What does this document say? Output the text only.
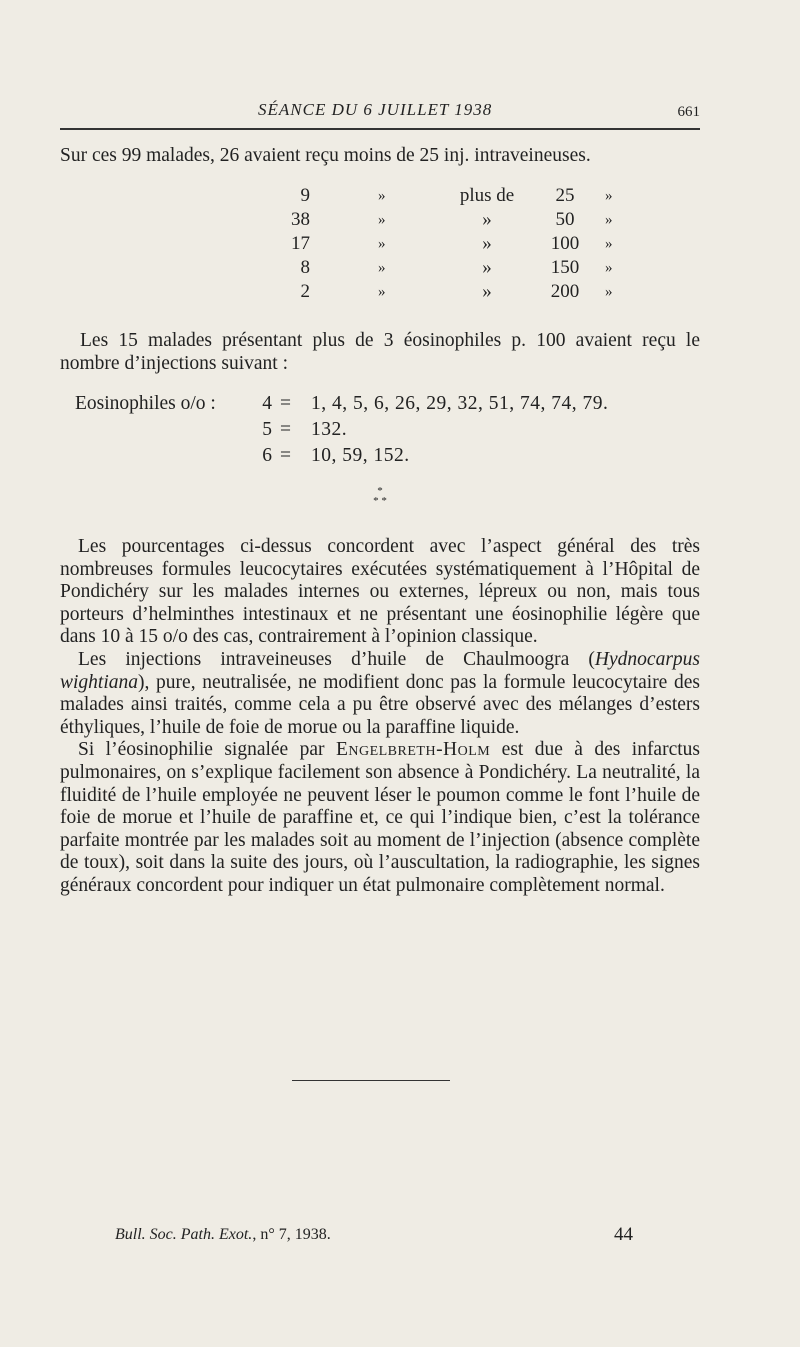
SÉANCE DU 6 JUILLET 1938	661
Sur ces 99 malades, 26 avaient reçu moins de 25 inj. intraveineuses.
9	»	plus de	25	»
38	»	»	50	»
17	»	»	100	»
8	»	»	150	»
2	»	»	200	»
Les 15 malades présentant plus de 3 éosinophiles p. 100 avaient reçu le nombre d’injections suivant :
Eosinophiles o/o : 4 = 1, 4, 5, 6, 26, 29, 32, 51, 74, 74, 79.
5 = 132.
6 = 10, 59, 152.
*
* *

Les pourcentages ci-dessus concordent avec l’aspect général des très nombreuses formules leucocytaires exécutées systématiquement à l’Hôpital de Pondichéry sur les malades internes ou externes, lépreux ou non, mais tous porteurs d’helminthes intestinaux et ne présentant une éosinophilie légère que dans 10 à 15 o/o des cas, contrairement à l’opinion classique.

Les injections intraveineuses d’huile de Chaulmoogra (Hydnocarpus wightiana), pure, neutralisée, ne modifient donc pas la formule leucocytaire des malades ainsi traités, comme cela a pu être observé avec des mélanges d’esters éthyliques, l’huile de foie de morue ou la paraffine liquide.

Si l’éosinophilie signalée par Engelbreth-Holm est due à des infarctus pulmonaires, on s’explique facilement son absence à Pondichéry. La neutralité, la fluidité de l’huile employée ne peuvent léser le poumon comme le font l’huile de foie de morue et l’huile de paraffine et, ce qui l’indique bien, c’est la tolérance parfaite montrée par les malades soit au moment de l’injection (absence complète de toux), soit dans la suite des jours, où l’auscultation, la radiographie, les signes généraux concordent pour indiquer un état pulmonaire complètement normal.

Bull. Soc. Path. Exot., n° 7, 1938.	44
